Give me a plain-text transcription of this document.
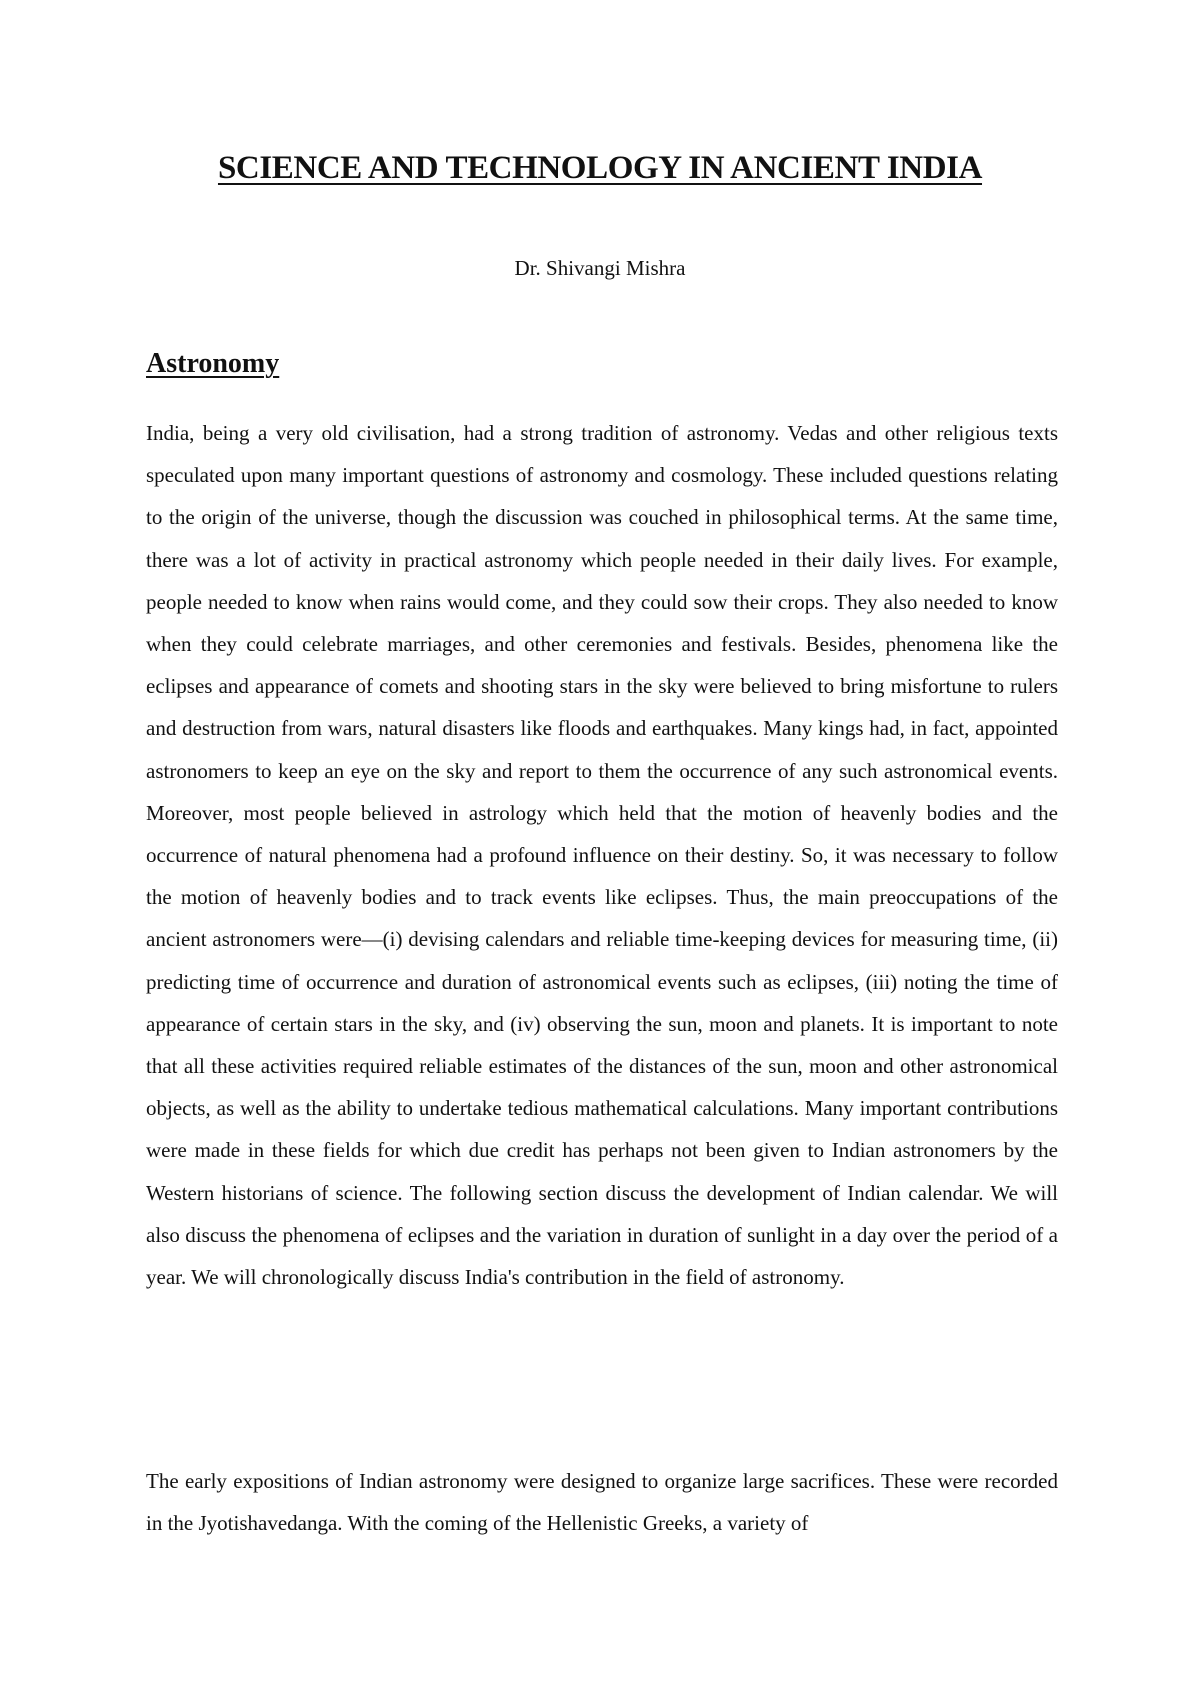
SCIENCE AND TECHNOLOGY IN ANCIENT INDIA

Dr. Shivangi Mishra

Astronomy

India, being a very old civilisation, had a strong tradition of astronomy. Vedas and other religious texts speculated upon many important questions of astronomy and cosmology. These included questions relating to the origin of the universe, though the discussion was couched in philosophical terms. At the same time, there was a lot of activity in practical astronomy which people needed in their daily lives. For example, people needed to know when rains would come, and they could sow their crops. They also needed to know when they could celebrate marriages, and other ceremonies and festivals. Besides, phenomena like the eclipses and appearance of comets and shooting stars in the sky were believed to bring misfortune to rulers and destruction from wars, natural disasters like floods and earthquakes. Many kings had, in fact, appointed astronomers to keep an eye on the sky and report to them the occurrence of any such astronomical events. Moreover, most people believed in astrology which held that the motion of heavenly bodies and the occurrence of natural phenomena had a profound influence on their destiny. So, it was necessary to follow the motion of heavenly bodies and to track events like eclipses. Thus, the main preoccupations of the ancient astronomers were—(i) devising calendars and reliable time-keeping devices for measuring time, (ii) predicting time of occurrence and duration of astronomical events such as eclipses, (iii) noting the time of appearance of certain stars in the sky, and (iv) observing the sun, moon and planets. It is important to note that all these activities required reliable estimates of the distances of the sun, moon and other astronomical objects, as well as the ability to undertake tedious mathematical calculations. Many important contributions were made in these fields for which due credit has perhaps not been given to Indian astronomers by the Western historians of science. The following section discuss the development of Indian calendar. We will also discuss the phenomena of eclipses and the variation in duration of sunlight in a day over the period of a year. We will chronologically discuss India's contribution in the field of astronomy.

The early expositions of Indian astronomy were designed to organize large sacrifices. These were recorded in the Jyotishavedanga. With the coming of the Hellenistic Greeks, a variety of
